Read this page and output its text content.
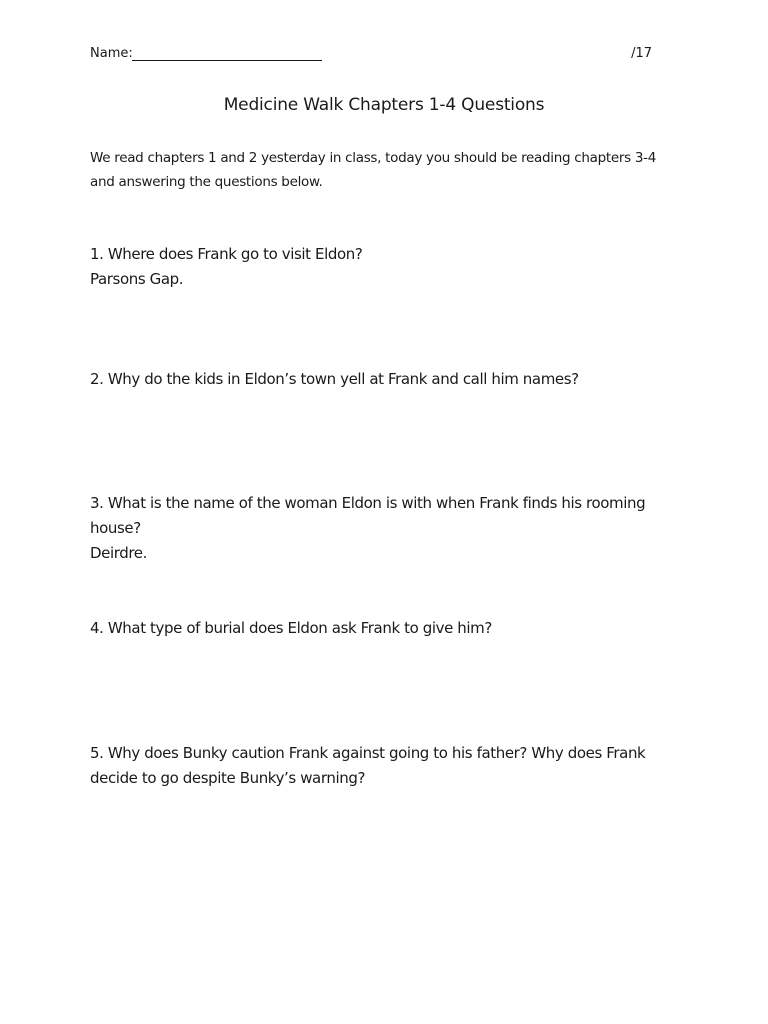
Name:	/17
Medicine Walk Chapters 1-4 Questions
We read chapters 1 and 2 yesterday in class, today you should be reading chapters 3-4 and answering the questions below.
1. Where does Frank go to visit Eldon?
Parsons Gap.
2. Why do the kids in Eldon’s town yell at Frank and call him names?
3. What is the name of the woman Eldon is with when Frank finds his rooming house?
Deirdre.
4. What type of burial does Eldon ask Frank to give him?
5. Why does Bunky caution Frank against going to his father? Why does Frank decide to go despite Bunky’s warning?
